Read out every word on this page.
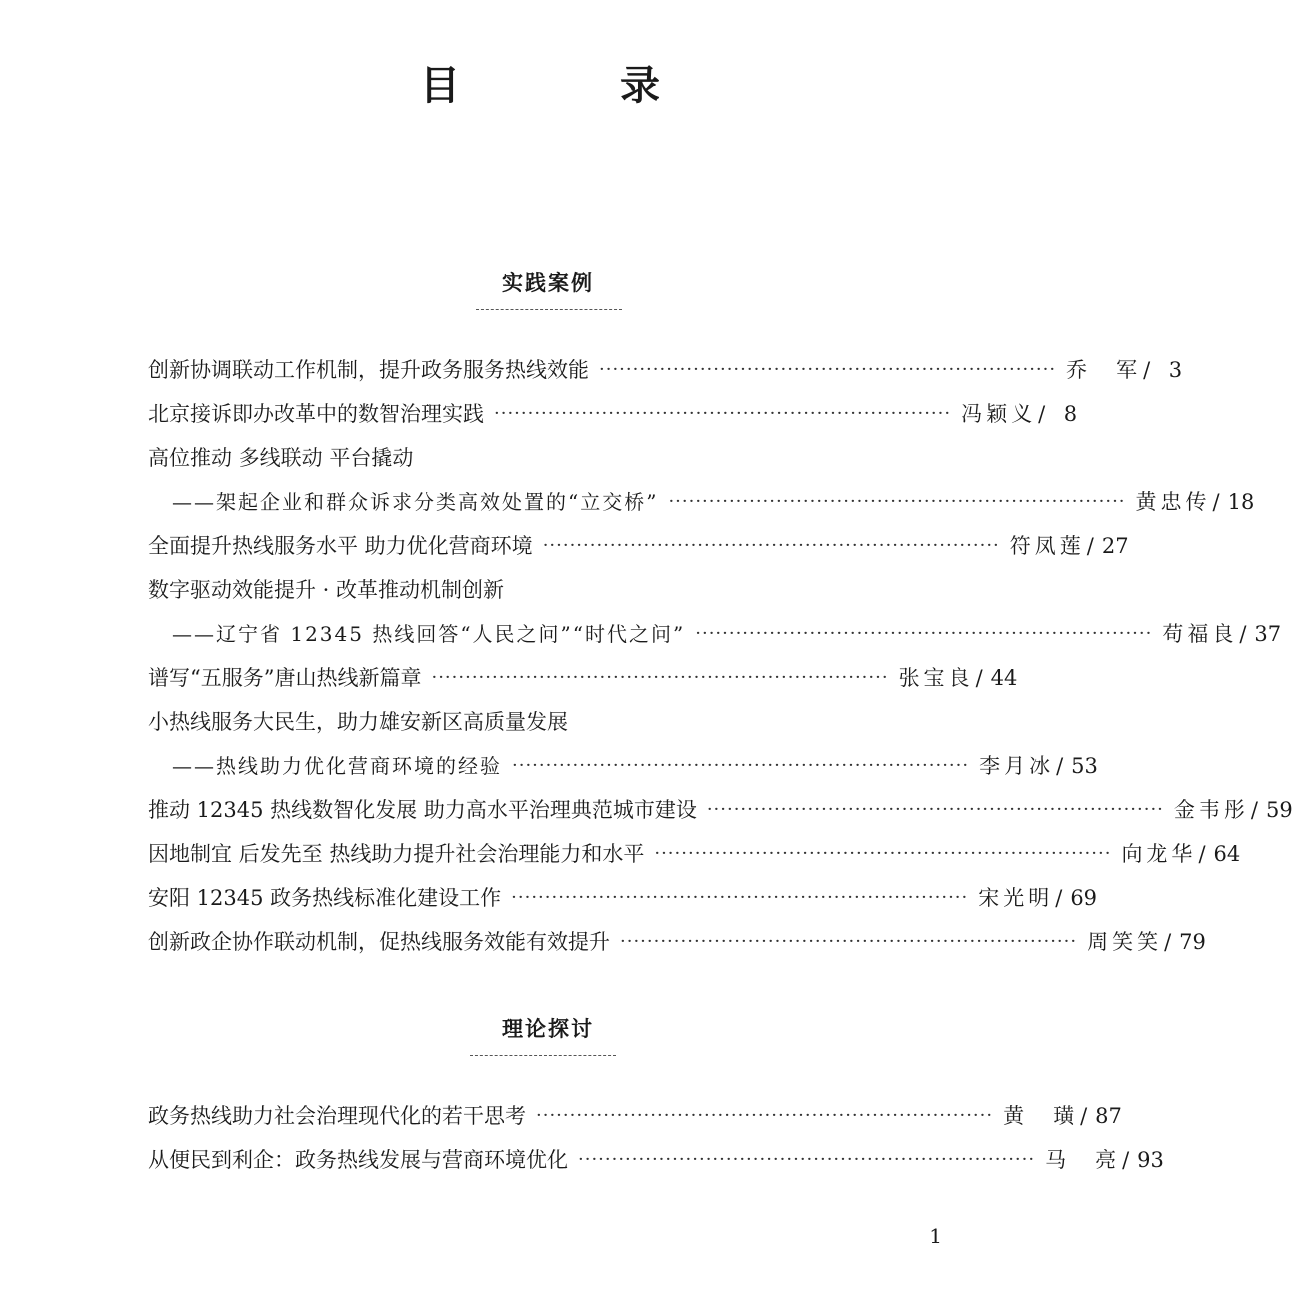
目　录
实践案例
创新协调联动工作机制，提升政务服务热线效能 ···································································· 乔　军 / 3
北京接诉即办改革中的数智治理实践 ···································································· 冯颖义 / 8
高位推动 多线联动 平台撬动
——架起企业和群众诉求分类高效处置的“立交桥” ···································································· 黄忠传 / 18
全面提升热线服务水平 助力优化营商环境 ···································································· 符凤莲 / 27
数字驱动效能提升 · 改革推动机制创新
——辽宁省 12345 热线回答“人民之问”“时代之问” ···································································· 苟福良 / 37
谱写“五服务”唐山热线新篇章 ···································································· 张宝良 / 44
小热线服务大民生，助力雄安新区高质量发展
——热线助力优化营商环境的经验 ···································································· 李月冰 / 53
推动 12345 热线数智化发展 助力高水平治理典范城市建设 ···································································· 金韦彤 / 59
因地制宜 后发先至 热线助力提升社会治理能力和水平 ···································································· 向龙华 / 64
安阳 12345 政务热线标准化建设工作 ···································································· 宋光明 / 69
创新政企协作联动机制，促热线服务效能有效提升 ···································································· 周笑笑 / 79
理论探讨
政务热线助力社会治理现代化的若干思考 ···································································· 黄　璜 / 87
从便民到利企：政务热线发展与营商环境优化 ···································································· 马　亮 / 93
1
